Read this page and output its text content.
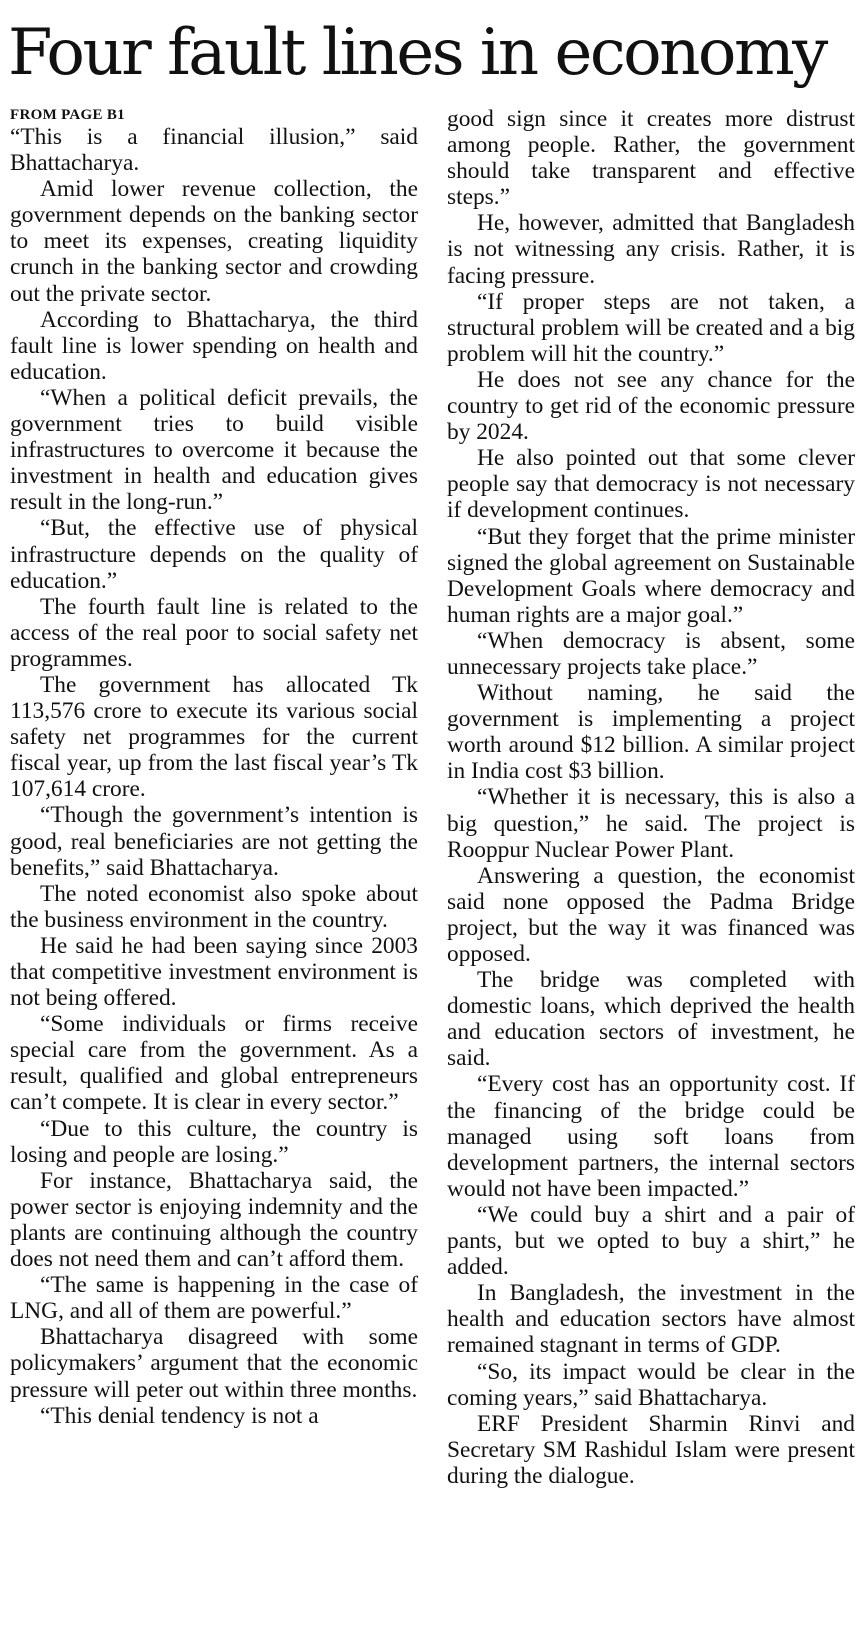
Four fault lines in economy
FROM PAGE B1

“This is a financial illusion,” said Bhattacharya.

Amid lower revenue collection, the government depends on the banking sector to meet its expenses, creating liquidity crunch in the banking sector and crowding out the private sector.

According to Bhattacharya, the third fault line is lower spending on health and education.

“When a political deficit prevails, the government tries to build visible infrastructures to overcome it because the investment in health and education gives result in the long-run.”

“But, the effective use of physical infrastructure depends on the quality of education.”

The fourth fault line is related to the access of the real poor to social safety net programmes.

The government has allocated Tk 113,576 crore to execute its various social safety net programmes for the current fiscal year, up from the last fiscal year’s Tk 107,614 crore.

“Though the government’s intention is good, real beneficiaries are not getting the benefits,” said Bhattacharya.

The noted economist also spoke about the business environment in the country.

He said he had been saying since 2003 that competitive investment environment is not being offered.

“Some individuals or firms receive special care from the government. As a result, qualified and global entrepreneurs can’t compete. It is clear in every sector.”

“Due to this culture, the country is losing and people are losing.”

For instance, Bhattacharya said, the power sector is enjoying indemnity and the plants are continuing although the country does not need them and can’t afford them.

“The same is happening in the case of LNG, and all of them are powerful.”

Bhattacharya disagreed with some policymakers’ argument that the economic pressure will peter out within three months.

“This denial tendency is not a

good sign since it creates more distrust among people. Rather, the government should take transparent and effective steps.”

He, however, admitted that Bangladesh is not witnessing any crisis. Rather, it is facing pressure.

“If proper steps are not taken, a structural problem will be created and a big problem will hit the country.”

He does not see any chance for the country to get rid of the economic pressure by 2024.

He also pointed out that some clever people say that democracy is not necessary if development continues.

“But they forget that the prime minister signed the global agreement on Sustainable Development Goals where democracy and human rights are a major goal.”

“When democracy is absent, some unnecessary projects take place.”

Without naming, he said the government is implementing a project worth around $12 billion. A similar project in India cost $3 billion.

“Whether it is necessary, this is also a big question,” he said. The project is Rooppur Nuclear Power Plant.

Answering a question, the economist said none opposed the Padma Bridge project, but the way it was financed was opposed.

The bridge was completed with domestic loans, which deprived the health and education sectors of investment, he said.

“Every cost has an opportunity cost. If the financing of the bridge could be managed using soft loans from development partners, the internal sectors would not have been impacted.”

“We could buy a shirt and a pair of pants, but we opted to buy a shirt,” he added.

In Bangladesh, the investment in the health and education sectors have almost remained stagnant in terms of GDP.

“So, its impact would be clear in the coming years,” said Bhattacharya.

ERF President Sharmin Rinvi and Secretary SM Rashidul Islam were present during the dialogue.
